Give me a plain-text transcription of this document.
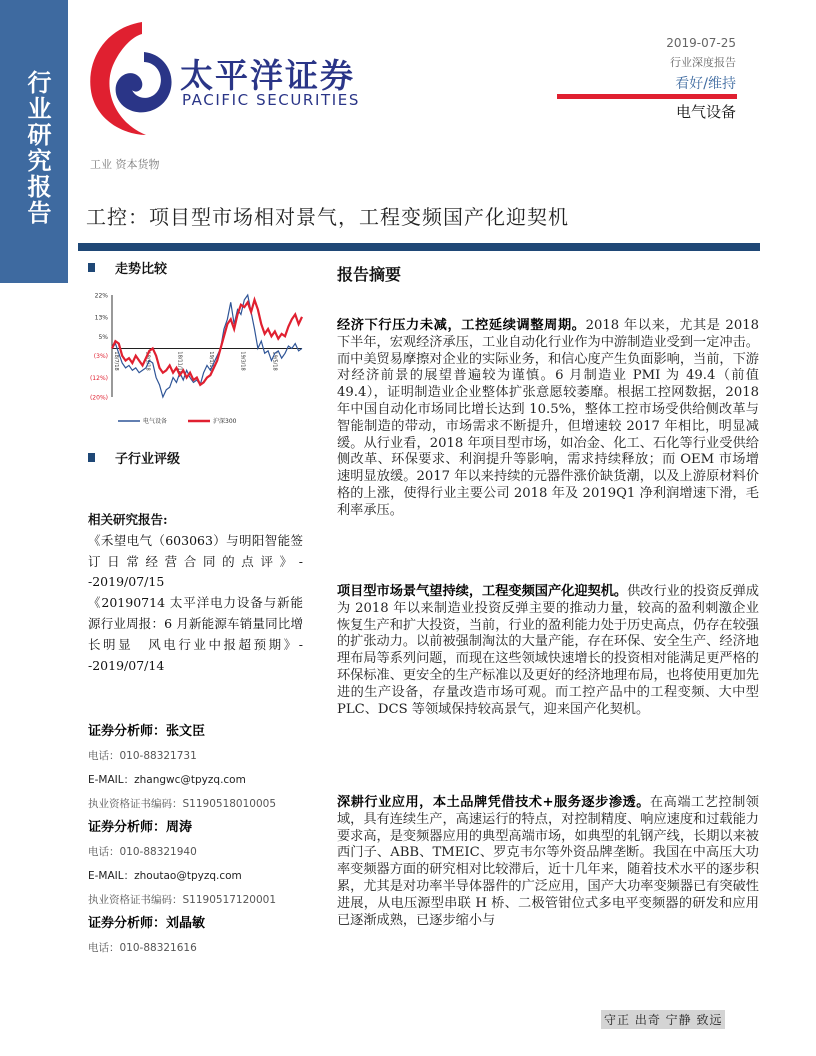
行业研究报告	太平洋证券
PACIFIC SECURITIES
工业 资本货物
2019-07-25
行业深度报告
看好/维持
电气设备
工控：项目型市场相对景气，工程变频国产化迎契机
走势比较
22%
13%
5%
(3%)
(12%)
(20%)
18/7/18	18/9/18	18/11/18	19/1/18	19/3/18	19/5/18
电气设备	沪深300
子行业评级
相关研究报告:
《禾望电气（603063）与明阳智能签订日常经营合同的点评》--2019/07/15
《20190714 太平洋电力设备与新能源行业周报：6 月新能源车销量同比增长明显　风电行业中报超预期》--2019/07/14
证券分析师：张文臣
电话：010-88321731
E-MAIL：zhangwc@tpyzq.com
执业资格证书编码：S1190518010005
证券分析师：周涛
电话：010-88321940
E-MAIL：zhoutao@tpyzq.com
执业资格证书编码：S1190517120001
证券分析师：刘晶敏
电话：010-88321616
报告摘要
经济下行压力未减，工控延续调整周期。2018 年以来，尤其是 2018 下半年，宏观经济承压，工业自动化行业作为中游制造业受到一定冲击。而中美贸易摩擦对企业的实际业务，和信心度产生负面影响，当前，下游对经济前景的展望普遍较为谨慎。6 月制造业 PMI 为 49.4（前值 49.4），证明制造业企业整体扩张意愿较萎靡。根据工控网数据，2018 年中国自动化市场同比增长达到 10.5%，整体工控市场受供给侧改革与智能制造的带动，市场需求不断提升，但增速较 2017 年相比，明显减缓。从行业看，2018 年项目型市场，如冶金、化工、石化等行业受供给侧改革、环保要求、利润提升等影响，需求持续释放；而 OEM 市场增速明显放缓。2017 年以来持续的元器件涨价缺货潮，以及上游原材料价格的上涨，使得行业主要公司 2018 年及 2019Q1 净利润增速下滑，毛利率承压。
项目型市场景气望持续，工程变频国产化迎契机。供改行业的投资反弹成为 2018 年以来制造业投资反弹主要的推动力量，较高的盈利刺激企业恢复生产和扩大投资，当前，行业的盈利能力处于历史高点，仍存在较强的扩张动力。以前被强制淘汰的大量产能，存在环保、安全生产、经济地理布局等系列问题，而现在这些领域快速增长的投资相对能满足更严格的环保标准、更安全的生产标准以及更好的经济地理布局，也将使用更加先进的生产设备，存量改造市场可观。而工控产品中的工程变频、大中型 PLC、DCS 等领域保持较高景气，迎来国产化契机。
深耕行业应用，本土品牌凭借技术+服务逐步渗透。在高端工艺控制领域，具有连续生产，高速运行的特点，对控制精度、响应速度和过载能力要求高，是变频器应用的典型高端市场，如典型的轧钢产线，长期以来被西门子、ABB、TMEIC、罗克韦尔等外资品牌垄断。我国在中高压大功率变频器方面的研究相对比较滞后，近十几年来，随着技术水平的逐步积累，尤其是对功率半导体器件的广泛应用，国产大功率变频器已有突破性进展，从电压源型串联 H 桥、二极管钳位式多电平变频器的研发和应用已逐渐成熟，已逐步缩小与
守正 出奇 宁静 致远
